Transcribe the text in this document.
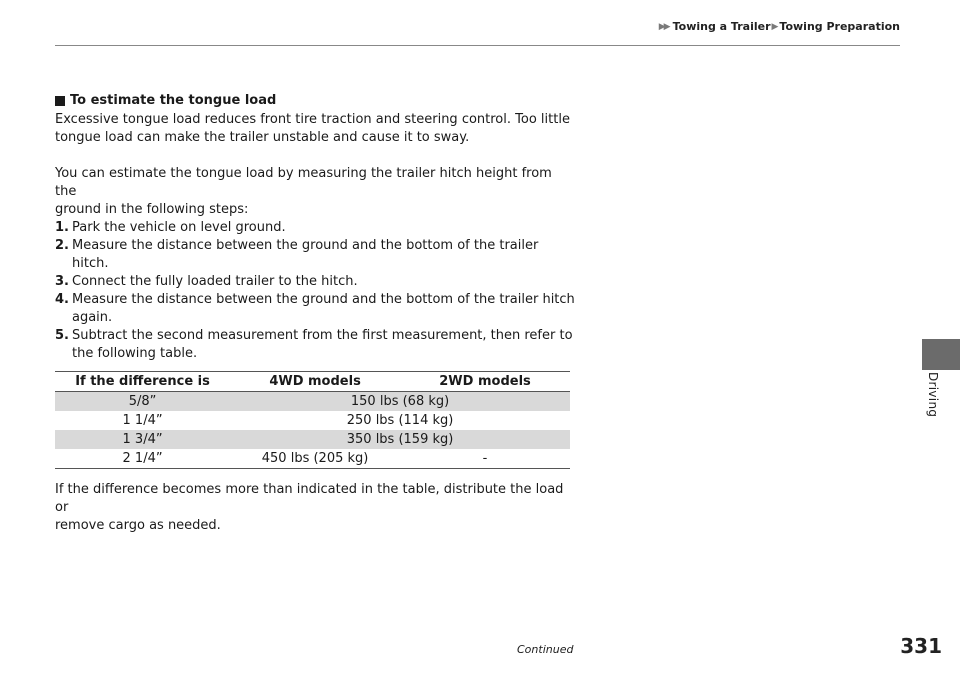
▶▶ Towing a Trailer ▶ Towing Preparation
To estimate the tongue load

Excessive tongue load reduces front tire traction and steering control. Too little
tongue load can make the trailer unstable and cause it to sway.

You can estimate the tongue load by measuring the trailer hitch height from the
ground in the following steps:

1. Park the vehicle on level ground.
2. Measure the distance between the ground and the bottom of the trailer hitch.
3. Connect the fully loaded trailer to the hitch.
4. Measure the distance between the ground and the bottom of the trailer hitch again.
5. Subtract the second measurement from the first measurement, then refer to the following table.
If the difference is	4WD models	2WD models
5/8”	150 lbs (68 kg)	
1 1/4”	250 lbs (114 kg)	
1 3/4”	350 lbs (159 kg)	
2 1/4”	450 lbs (205 kg)	-

If the difference becomes more than indicated in the table, distribute the load or
remove cargo as needed.

Driving
Continued	331
